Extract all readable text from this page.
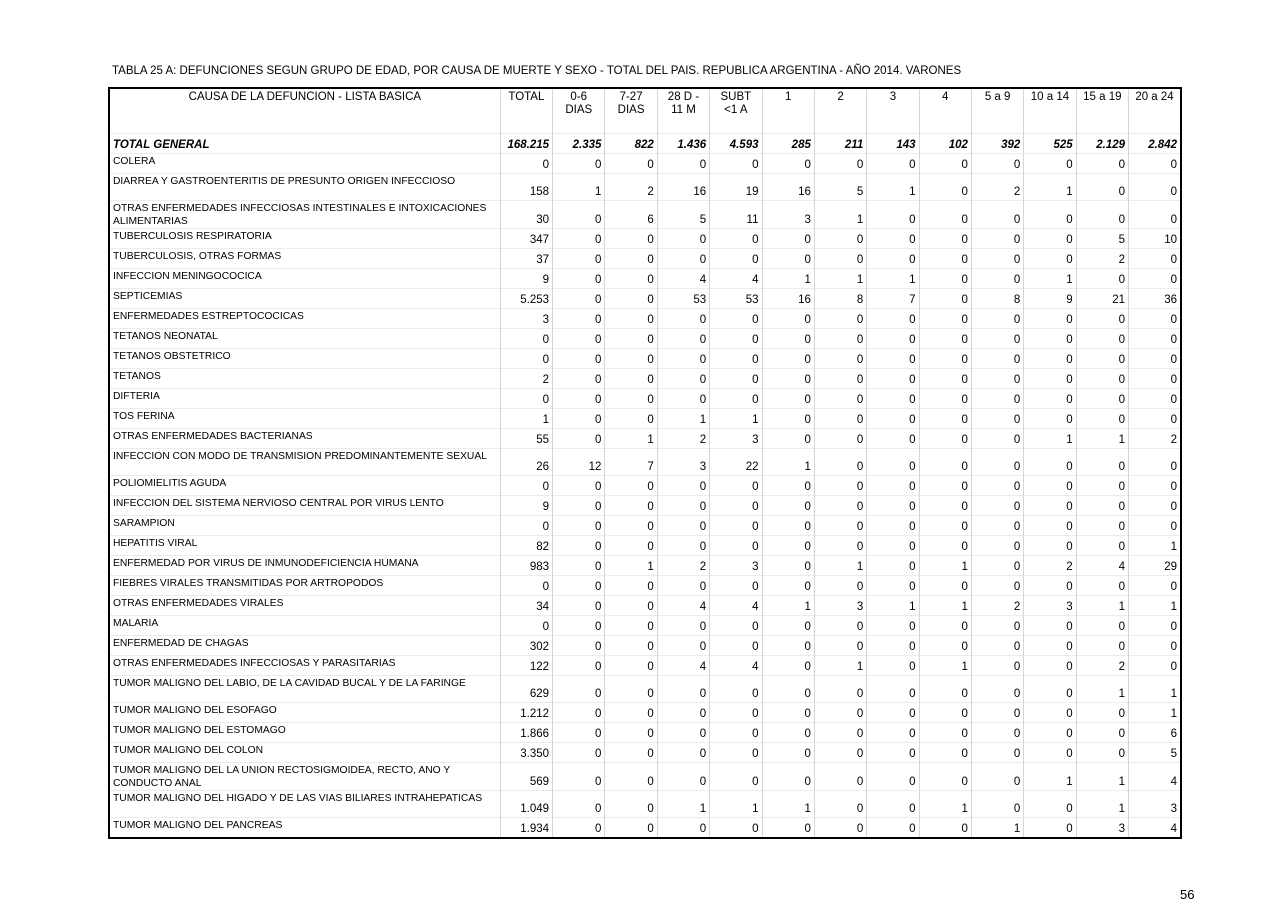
TABLA 25 A: DEFUNCIONES SEGUN GRUPO DE EDAD, POR CAUSA DE MUERTE Y SEXO - TOTAL DEL PAIS. REPUBLICA ARGENTINA - AÑO 2014. VARONES
CAUSA DE LA DEFUNCION - LISTA BASICA	TOTAL	0-6 DIAS	7-27 DIAS	28 D - 11 M	SUBT <1 A	1	2	3	4	5 a 9	10 a 14	15 a 19	20 a 24
TOTAL GENERAL	168.215	2.335	822	1.436	4.593	285	211	143	102	392	525	2.129	2.842
COLERA	0	0	0	0	0	0	0	0	0	0	0	0	0
DIARREA Y GASTROENTERITIS DE PRESUNTO ORIGEN INFECCIOSO	158	1	2	16	19	16	5	1	0	2	1	0	0
OTRAS ENFERMEDADES INFECCIOSAS INTESTINALES E INTOXICACIONES ALIMENTARIAS	30	0	6	5	11	3	1	0	0	0	0	0	0
TUBERCULOSIS RESPIRATORIA	347	0	0	0	0	0	0	0	0	0	0	5	10
TUBERCULOSIS, OTRAS FORMAS	37	0	0	0	0	0	0	0	0	0	0	2	0
INFECCION MENINGOCOCICA	9	0	0	4	4	1	1	1	0	0	1	0	0
SEPTICEMIAS	5.253	0	0	53	53	16	8	7	0	8	9	21	36
ENFERMEDADES ESTREPTOCOCICAS	3	0	0	0	0	0	0	0	0	0	0	0	0
TETANOS NEONATAL	0	0	0	0	0	0	0	0	0	0	0	0	0
TETANOS OBSTETRICO	0	0	0	0	0	0	0	0	0	0	0	0	0
TETANOS	2	0	0	0	0	0	0	0	0	0	0	0	0
DIFTERIA	0	0	0	0	0	0	0	0	0	0	0	0	0
TOS FERINA	1	0	0	1	1	0	0	0	0	0	0	0	0
OTRAS ENFERMEDADES BACTERIANAS	55	0	1	2	3	0	0	0	0	0	1	1	2
INFECCION CON MODO DE TRANSMISION PREDOMINANTEMENTE SEXUAL	26	12	7	3	22	1	0	0	0	0	0	0	0
POLIOMIELITIS AGUDA	0	0	0	0	0	0	0	0	0	0	0	0	0
INFECCION DEL SISTEMA NERVIOSO CENTRAL POR VIRUS LENTO	9	0	0	0	0	0	0	0	0	0	0	0	0
SARAMPION	0	0	0	0	0	0	0	0	0	0	0	0	0
HEPATITIS VIRAL	82	0	0	0	0	0	0	0	0	0	0	0	1
ENFERMEDAD POR VIRUS DE INMUNODEFICIENCIA HUMANA	983	0	1	2	3	0	1	0	1	0	2	4	29
FIEBRES VIRALES TRANSMITIDAS POR ARTROPODOS	0	0	0	0	0	0	0	0	0	0	0	0	0
OTRAS ENFERMEDADES VIRALES	34	0	0	4	4	1	3	1	1	2	3	1	1
MALARIA	0	0	0	0	0	0	0	0	0	0	0	0	0
ENFERMEDAD DE CHAGAS	302	0	0	0	0	0	0	0	0	0	0	0	0
OTRAS ENFERMEDADES INFECCIOSAS Y PARASITARIAS	122	0	0	4	4	0	1	0	1	0	0	2	0
TUMOR MALIGNO DEL LABIO, DE LA CAVIDAD BUCAL Y DE LA FARINGE	629	0	0	0	0	0	0	0	0	0	0	1	1
TUMOR MALIGNO DEL ESOFAGO	1.212	0	0	0	0	0	0	0	0	0	0	0	1
TUMOR MALIGNO DEL ESTOMAGO	1.866	0	0	0	0	0	0	0	0	0	0	0	6
TUMOR MALIGNO DEL COLON	3.350	0	0	0	0	0	0	0	0	0	0	0	5
TUMOR MALIGNO DEL LA UNION RECTOSIGMOIDEA, RECTO, ANO Y CONDUCTO ANAL	569	0	0	0	0	0	0	0	0	0	1	1	4
TUMOR MALIGNO DEL HIGADO Y DE LAS VIAS BILIARES INTRAHEPATICAS	1.049	0	0	1	1	1	0	0	1	0	0	1	3
TUMOR MALIGNO DEL PANCREAS	1.934	0	0	0	0	0	0	0	0	1	0	3	4
56
